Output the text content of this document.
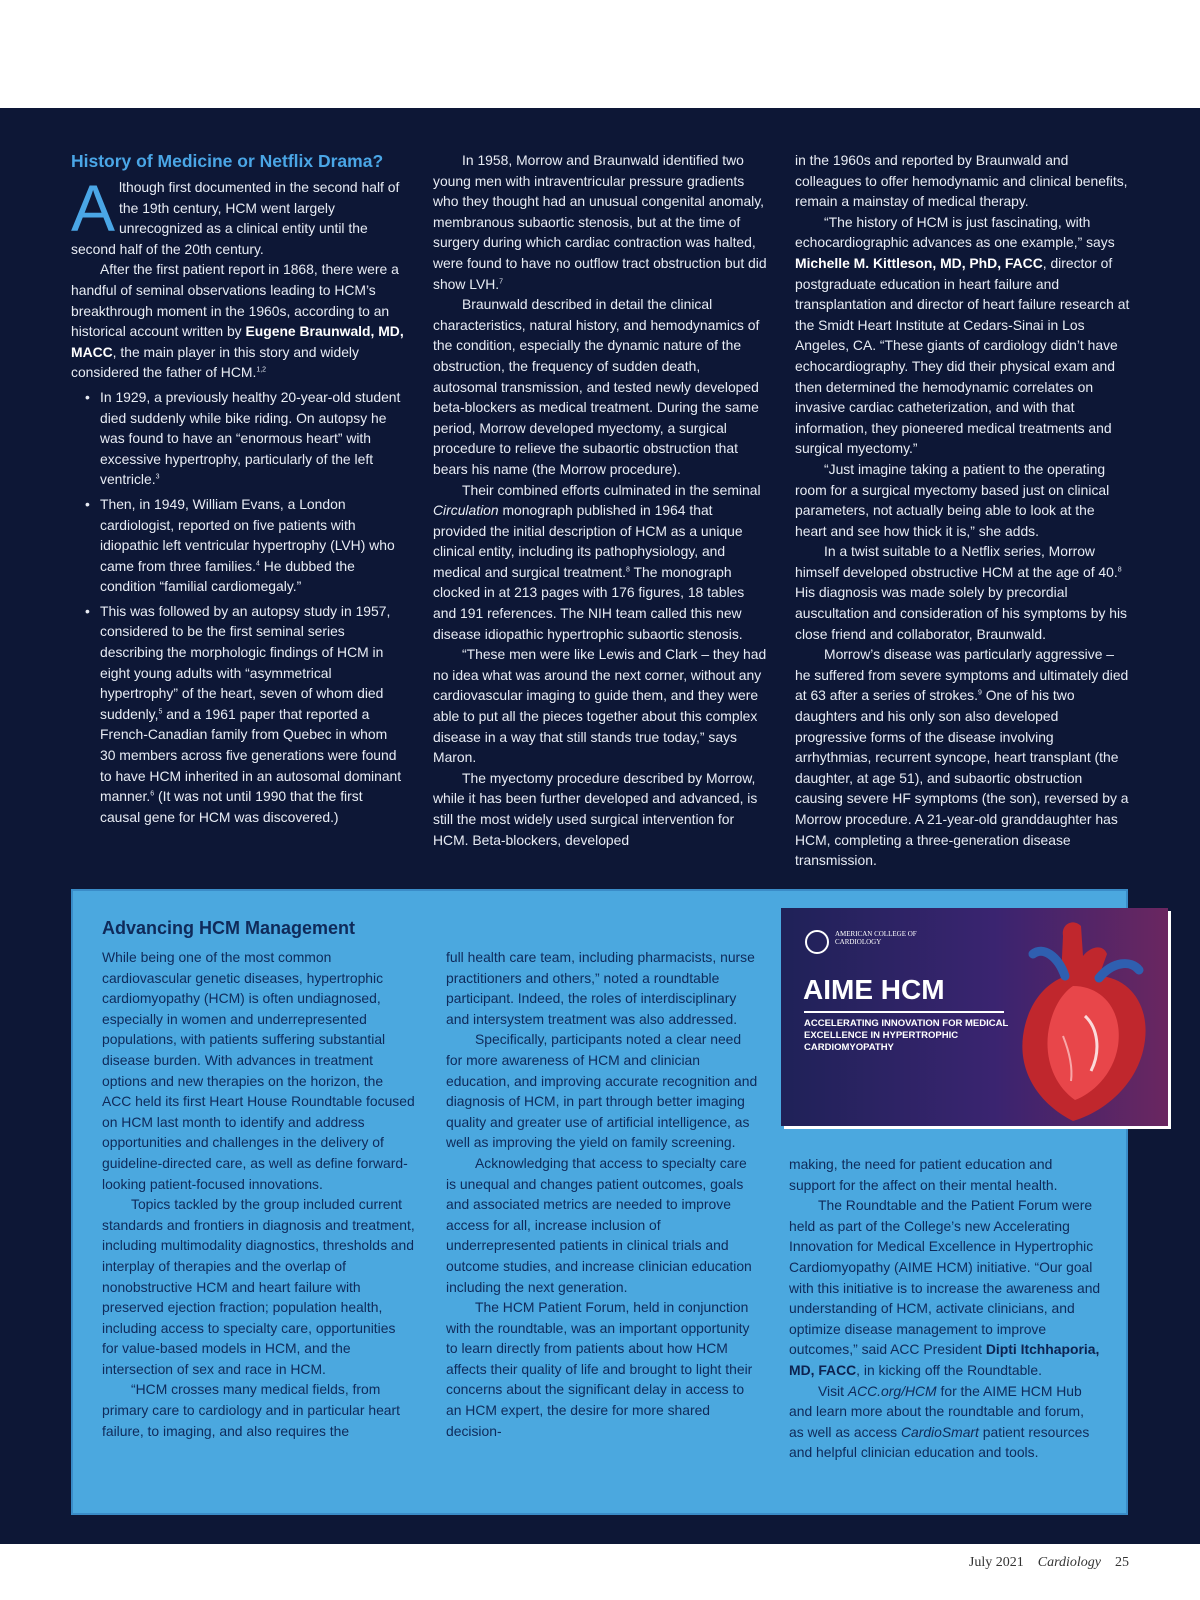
History of Medicine or Netflix Drama?

Although first documented in the second half of the 19th century, HCM went largely unrecognized as a clinical entity until the second half of the 20th century.

After the first patient report in 1868, there were a handful of seminal observations leading to HCM’s breakthrough moment in the 1960s, according to an historical account written by Eugene Braunwald, MD, MACC, the main player in this story and widely considered the father of HCM.$^{1,2}$

• In 1929, a previously healthy 20-year-old student died suddenly while bike riding. On autopsy he was found to have an “enormous heart” with excessive hypertrophy, particularly of the left ventricle.$^3$
• Then, in 1949, William Evans, a London cardiologist, reported on five patients with idiopathic left ventricular hypertrophy (LVH) who came from three families.$^4$ He dubbed the condition “familial cardiomegaly.”
• This was followed by an autopsy study in 1957, considered to be the first seminal series describing the morphologic findings of HCM in eight young adults with “asymmetrical hypertrophy” of the heart, seven of whom died suddenly,$^5$ and a 1961 paper that reported a French-Canadian family from Quebec in whom 30 members across five generations were found to have HCM inherited in an autosomal dominant manner.$^6$ (It was not until 1990 that the first causal gene for HCM was discovered.)

In 1958, Morrow and Braunwald identified two young men with intraventricular pressure gradients who they thought had an unusual congenital anomaly, membranous subaortic stenosis, but at the time of surgery during which cardiac contraction was halted, were found to have no outflow tract obstruction but did show LVH.$^7$

Braunwald described in detail the clinical characteristics, natural history, and hemodynamics of the condition, especially the dynamic nature of the obstruction, the frequency of sudden death, autosomal transmission, and tested newly developed beta-blockers as medical treatment. During the same period, Morrow developed myectomy, a surgical procedure to relieve the subaortic obstruction that bears his name (the Morrow procedure).

Their combined efforts culminated in the seminal Circulation monograph published in 1964 that provided the initial description of HCM as a unique clinical entity, including its pathophysiology, and medical and surgical treatment.$^8$ The monograph clocked in at 213 pages with 176 figures, 18 tables and 191 references. The NIH team called this new disease idiopathic hypertrophic subaortic stenosis.

“These men were like Lewis and Clark – they had no idea what was around the next corner, without any cardiovascular imaging to guide them, and they were able to put all the pieces together about this complex disease in a way that still stands true today,” says Maron.

The myectomy procedure described by Morrow, while it has been further developed and advanced, is still the most widely used surgical intervention for HCM. Beta-blockers, developed

in the 1960s and reported by Braunwald and colleagues to offer hemodynamic and clinical benefits, remain a mainstay of medical therapy.

“The history of HCM is just fascinating, with echocardiographic advances as one example,” says Michelle M. Kittleson, MD, PhD, FACC, director of postgraduate education in heart failure and transplantation and director of heart failure research at the Smidt Heart Institute at Cedars-Sinai in Los Angeles, CA. “These giants of cardiology didn’t have echocardiography. They did their physical exam and then determined the hemodynamic correlates on invasive cardiac catheterization, and with that information, they pioneered medical treatments and surgical myectomy.”

“Just imagine taking a patient to the operating room for a surgical myectomy based just on clinical parameters, not actually being able to look at the heart and see how thick it is,” she adds.

In a twist suitable to a Netflix series, Morrow himself developed obstructive HCM at the age of 40.$^8$ His diagnosis was made solely by precordial auscultation and consideration of his symptoms by his close friend and collaborator, Braunwald.

Morrow’s disease was particularly aggressive – he suffered from severe symptoms and ultimately died at 63 after a series of strokes.$^9$ One of his two daughters and his only son also developed progressive forms of the disease involving arrhythmias, recurrent syncope, heart transplant (the daughter, at age 51), and subaortic obstruction causing severe HF symptoms (the son), reversed by a Morrow procedure. A 21-year-old granddaughter has HCM, completing a three-generation disease transmission.

Advancing HCM Management

While being one of the most common cardiovascular genetic diseases, hypertrophic cardiomyopathy (HCM) is often undiagnosed, especially in women and underrepresented populations, with patients suffering substantial disease burden. With advances in treatment options and new therapies on the horizon, the ACC held its first Heart House Roundtable focused on HCM last month to identify and address opportunities and challenges in the delivery of guideline-directed care, as well as define forward-looking patient-focused innovations.

Topics tackled by the group included current standards and frontiers in diagnosis and treatment, including multimodality diagnostics, thresholds and interplay of therapies and the overlap of nonobstructive HCM and heart failure with preserved ejection fraction; population health, including access to specialty care, opportunities for value-based models in HCM, and the intersection of sex and race in HCM.

“HCM crosses many medical fields, from primary care to cardiology and in particular heart failure, to imaging, and also requires the

full health care team, including pharmacists, nurse practitioners and others,” noted a roundtable participant. Indeed, the roles of interdisciplinary and intersystem treatment was also addressed.

Specifically, participants noted a clear need for more awareness of HCM and clinician education, and improving accurate recognition and diagnosis of HCM, in part through better imaging quality and greater use of artificial intelligence, as well as improving the yield on family screening.

Acknowledging that access to specialty care is unequal and changes patient outcomes, goals and associated metrics are needed to improve access for all, increase inclusion of underrepresented patients in clinical trials and outcome studies, and increase clinician education including the next generation.

The HCM Patient Forum, held in conjunction with the roundtable, was an important opportunity to learn directly from patients about how HCM affects their quality of life and brought to light their concerns about the significant delay in access to an HCM expert, the desire for more shared decision-

making, the need for patient education and support for the affect on their mental health.

The Roundtable and the Patient Forum were held as part of the College’s new Accelerating Innovation for Medical Excellence in Hypertrophic Cardiomyopathy (AIME HCM) initiative. “Our goal with this initiative is to increase the awareness and understanding of HCM, activate clinicians, and optimize disease management to improve outcomes,” said ACC President Dipti Itchhaporia, MD, FACC, in kicking off the Roundtable.

Visit ACC.org/HCM for the AIME HCM Hub and learn more about the roundtable and forum, as well as access CardioSmart patient resources and helpful clinician education and tools.

AMERICAN COLLEGE OF CARDIOLOGY
AIME HCM
ACCELERATING INNOVATION FOR MEDICAL EXCELLENCE IN HYPERTROPHIC CARDIOMYOPATHY
July 2021 Cardiology 25
